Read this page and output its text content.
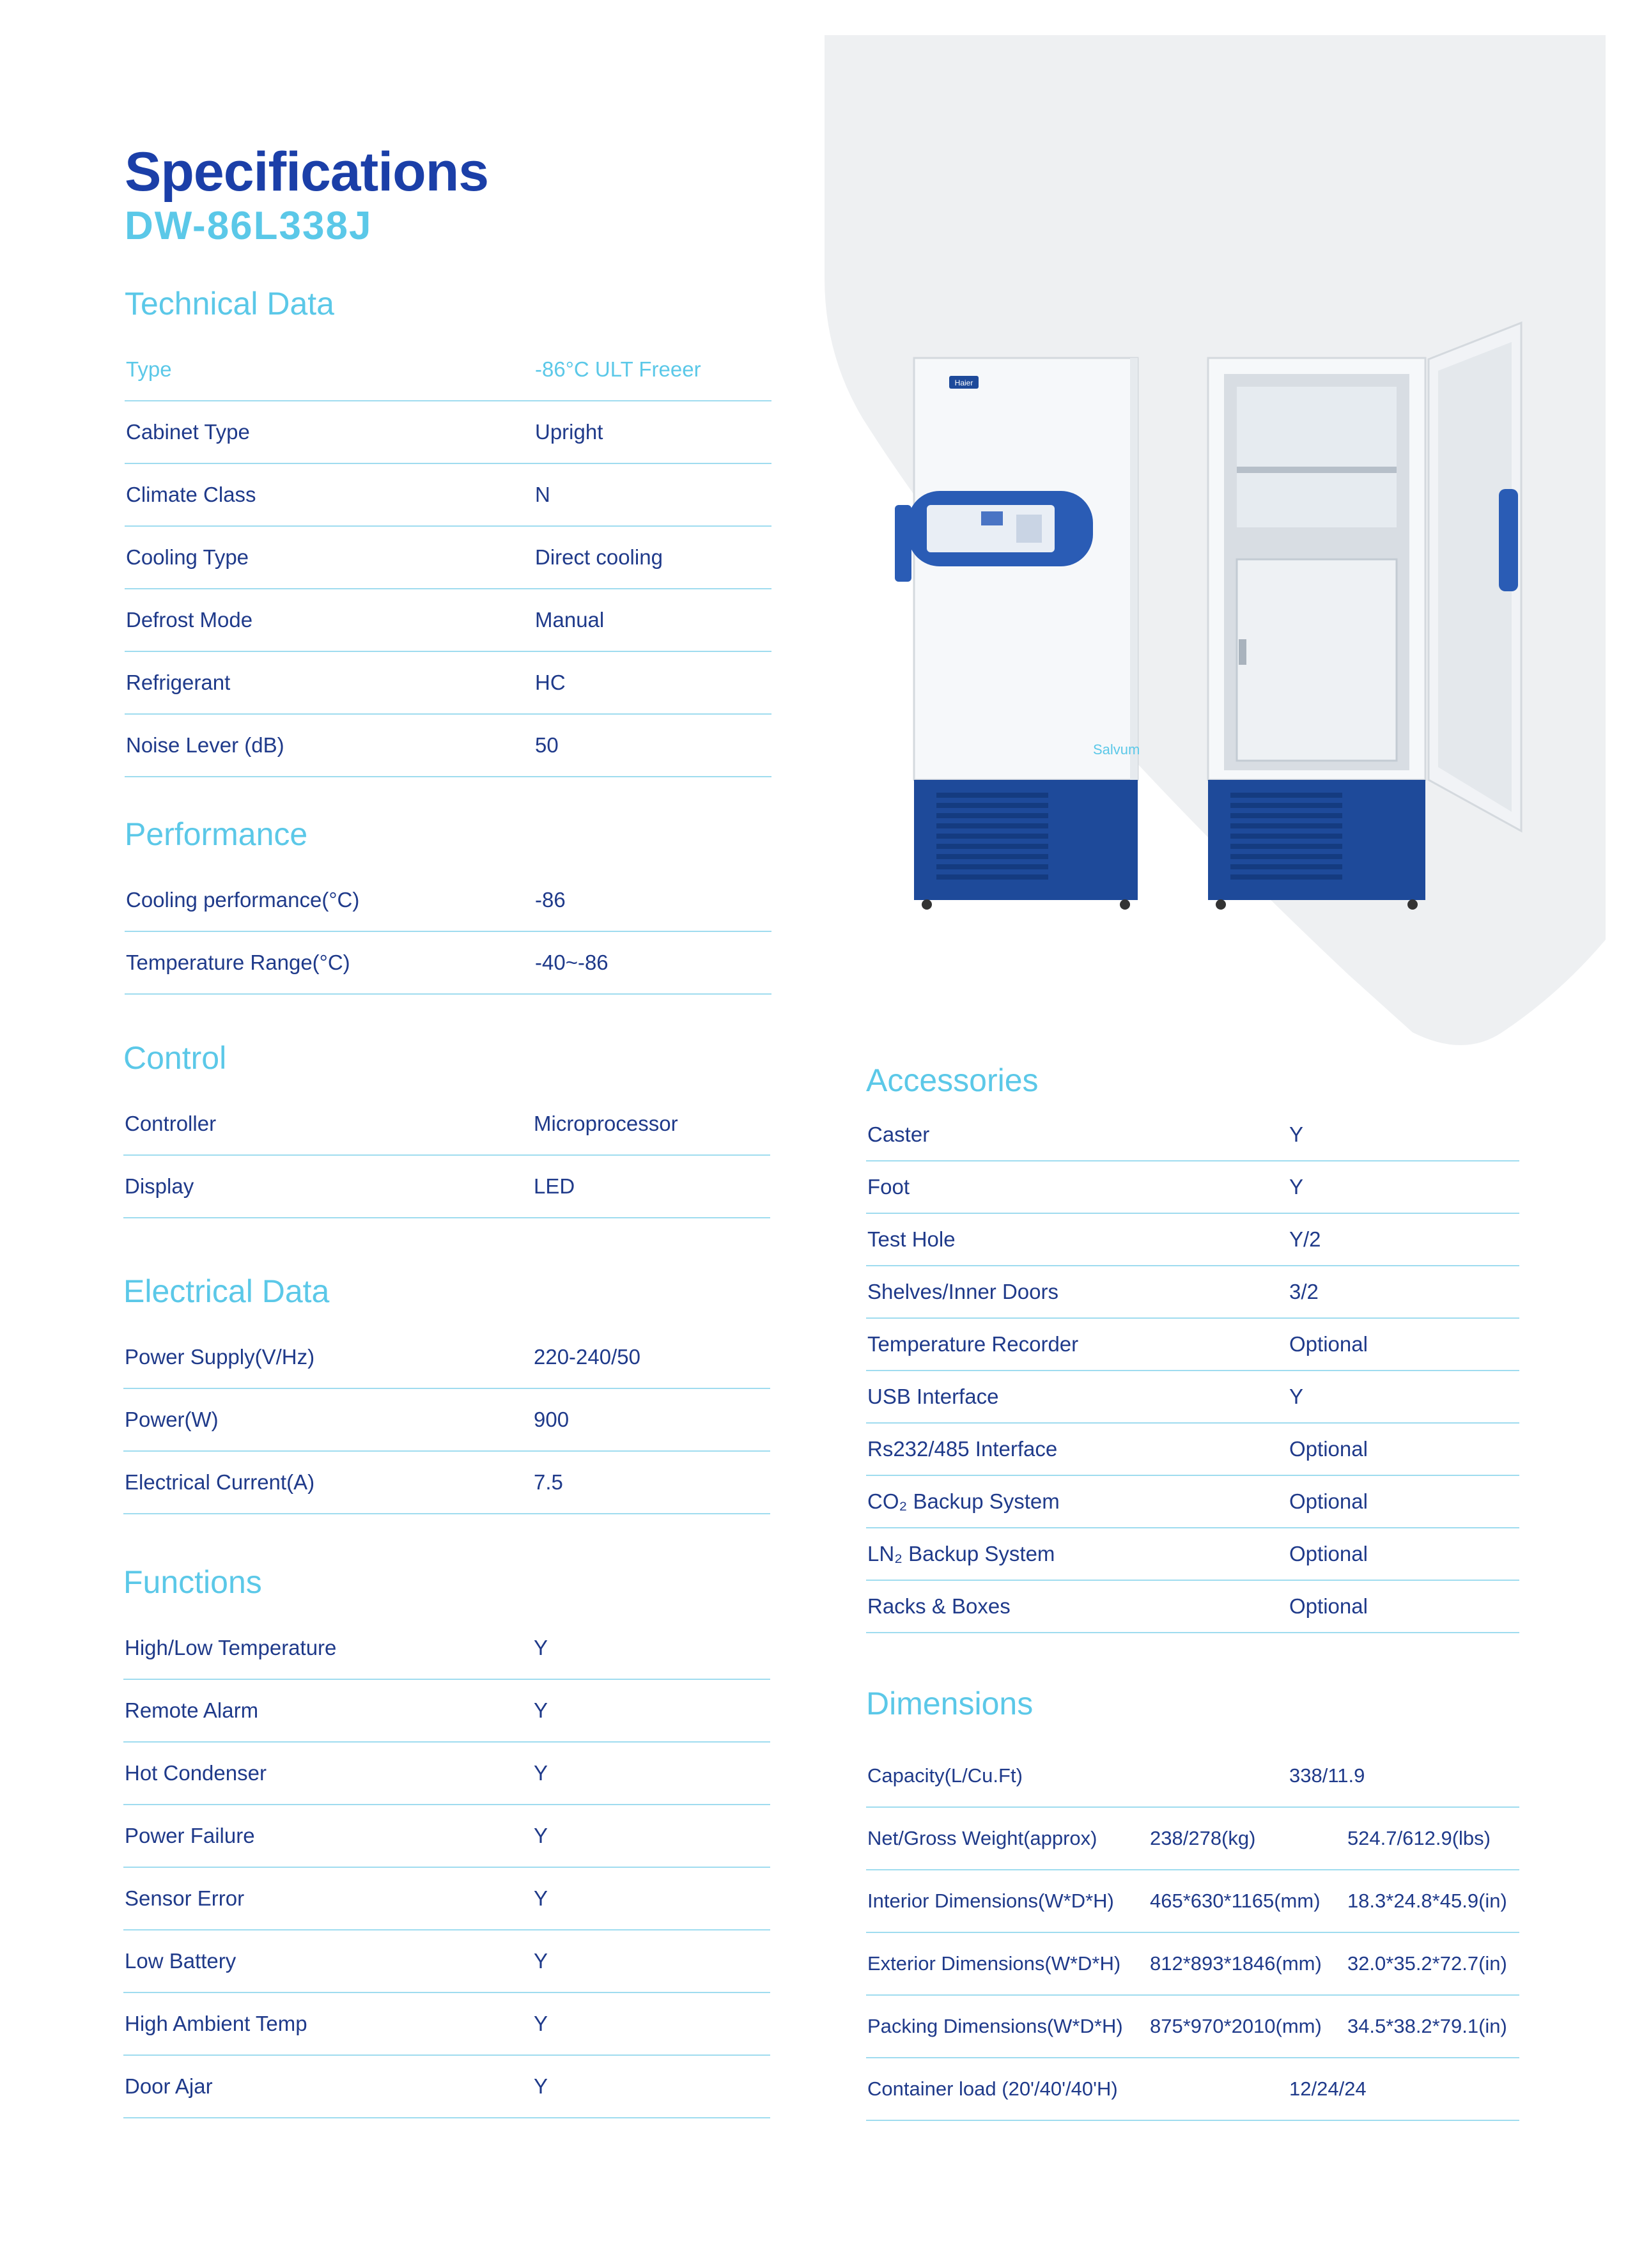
Specifications
DW-86L338J
Technical Data
Type	-86°C ULT Freeer
Cabinet Type	Upright
Climate Class	N
Cooling Type	Direct cooling
Defrost Mode	Manual
Refrigerant	HC
Noise Lever (dB)	50
Performance
Cooling performance(°C)	-86
Temperature Range(°C)	-40~-86
Control
Controller	Microprocessor
Display	LED
Electrical Data
Power Supply(V/Hz)	220-240/50
Power(W)	900
Electrical Current(A)	7.5
Functions
High/Low Temperature	Y
Remote Alarm	Y
Hot Condenser	Y
Power Failure	Y
Sensor Error	Y
Low Battery	Y
High Ambient Temp	Y
Door Ajar	Y
Haier
Salvum
Accessories
Caster	Y
Foot	Y
Test Hole	Y/2
Shelves/Inner Doors	3/2
Temperature Recorder	Optional
USB Interface	Y
Rs232/485 Interface	Optional
CO₂ Backup System	Optional
LN₂ Backup System	Optional
Racks & Boxes	Optional
Dimensions
Capacity(L/Cu.Ft)	338/11.9
Net/Gross Weight(approx)	238/278(kg)	524.7/612.9(lbs)
Interior Dimensions(W*D*H)	465*630*1165(mm)	18.3*24.8*45.9(in)
Exterior Dimensions(W*D*H)	812*893*1846(mm)	32.0*35.2*72.7(in)
Packing Dimensions(W*D*H)	875*970*2010(mm)	34.5*38.2*79.1(in)
Container load (20'/40'/40'H)	12/24/24
